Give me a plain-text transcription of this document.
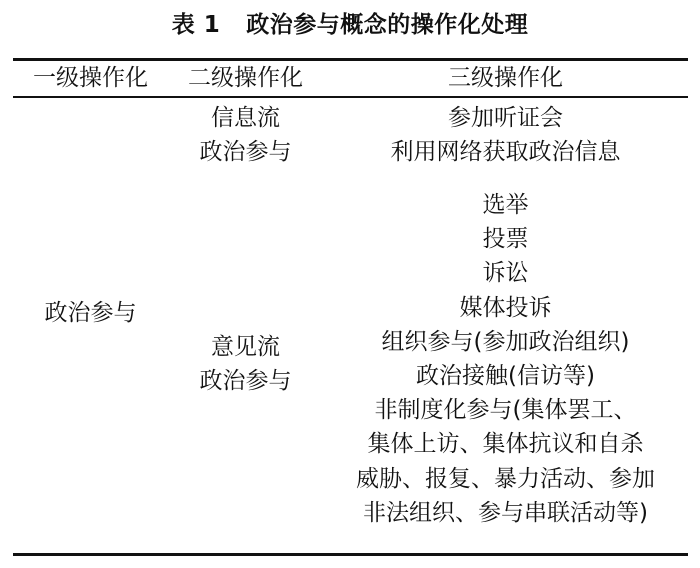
表 1 政治参与概念的操作化处理
一级操作化	二级操作化	三级操作化
政治参与
信息流
政治参与
意见流
政治参与
参加听证会
利用网络获取政治信息
选举
投票
诉讼
媒体投诉
组织参与(参加政治组织)
政治接触(信访等)
非制度化参与(集体罢工、
集体上访、集体抗议和自杀
威胁、报复、暴力活动、参加
非法组织、参与串联活动等)
